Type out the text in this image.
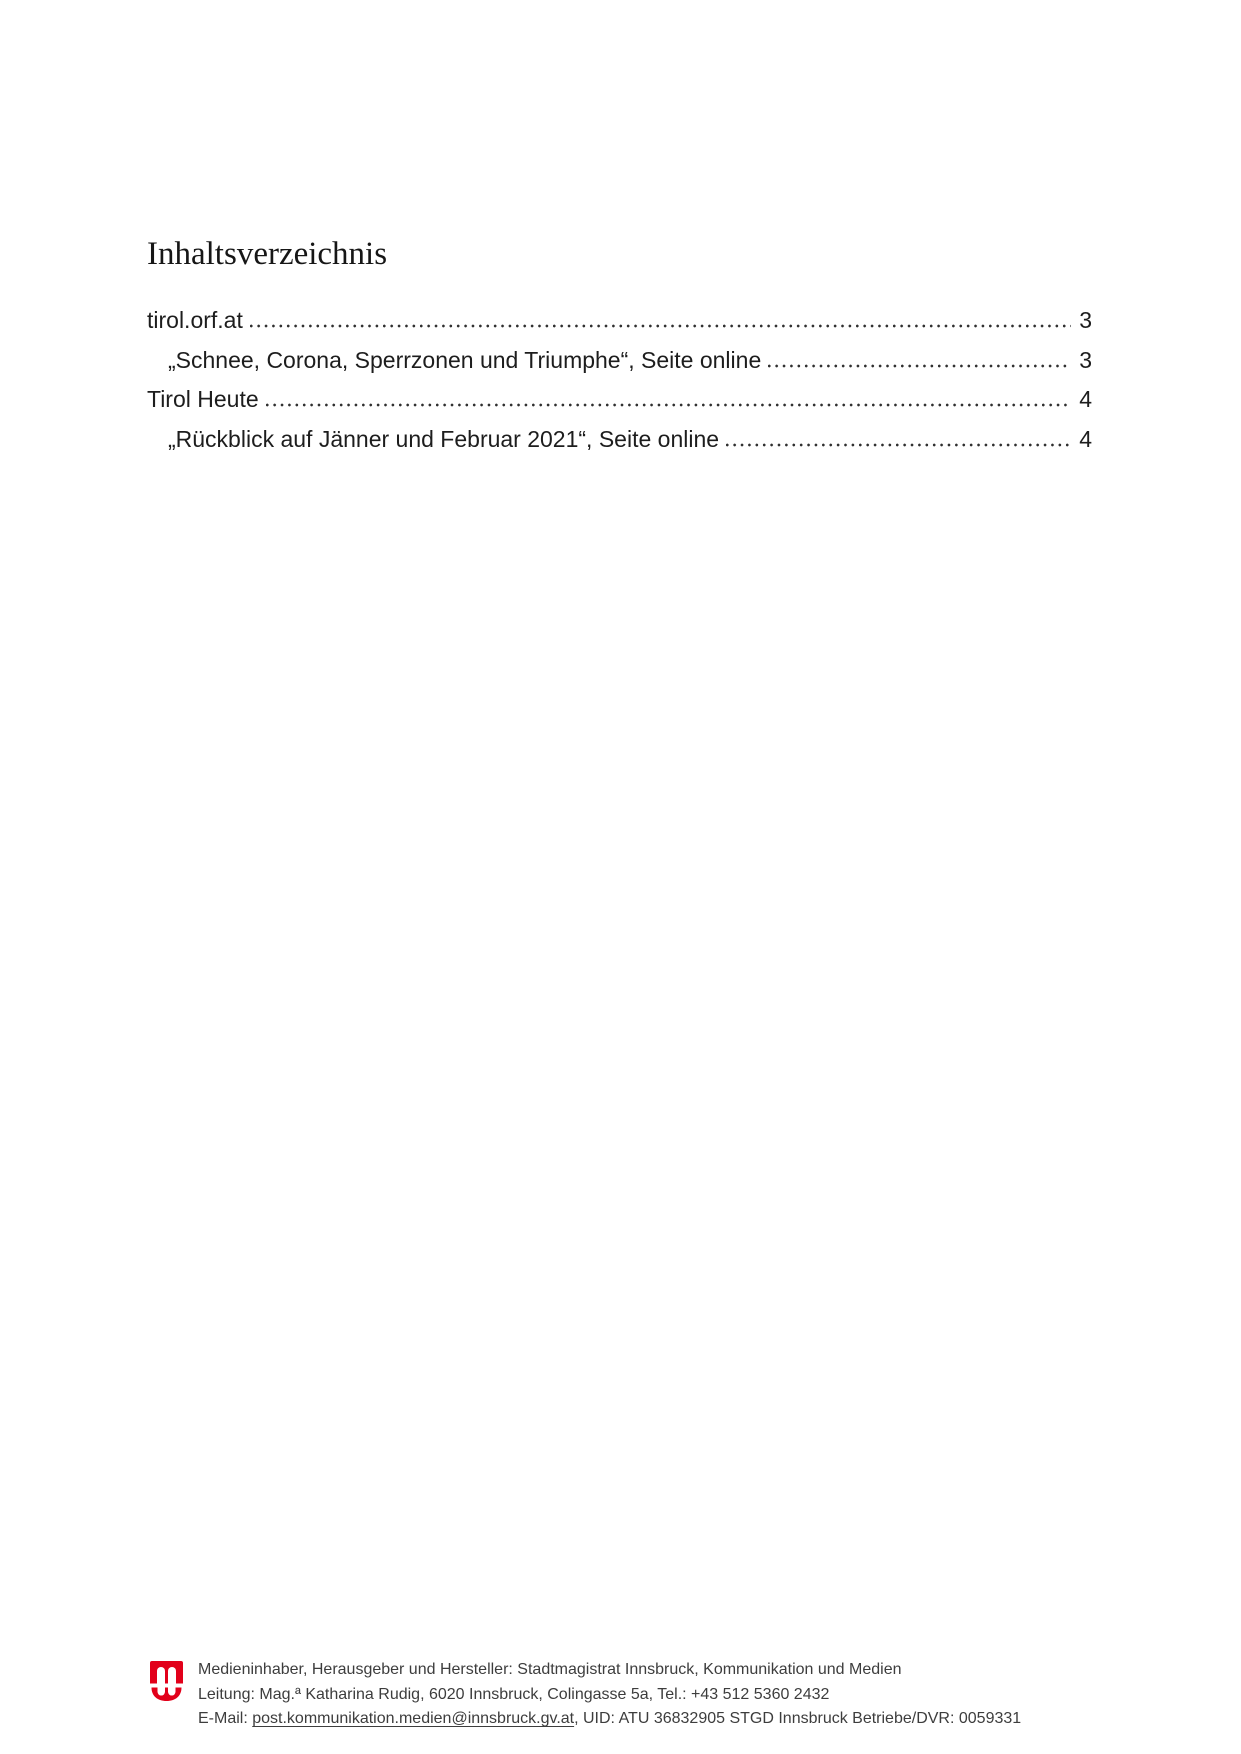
Inhaltsverzeichnis
tirol.orf.at	3
„Schnee, Corona, Sperrzonen und Triumphe“, Seite online	3
Tirol Heute	4
„Rückblick auf Jänner und Februar 2021“, Seite online	4
Medieninhaber, Herausgeber und Hersteller: Stadtmagistrat Innsbruck, Kommunikation und Medien
Leitung: Mag.ª Katharina Rudig, 6020 Innsbruck, Colingasse 5a, Tel.: +43 512 5360 2432
E-Mail: post.kommunikation.medien@innsbruck.gv.at, UID: ATU 36832905 STGD Innsbruck Betriebe/DVR: 0059331
